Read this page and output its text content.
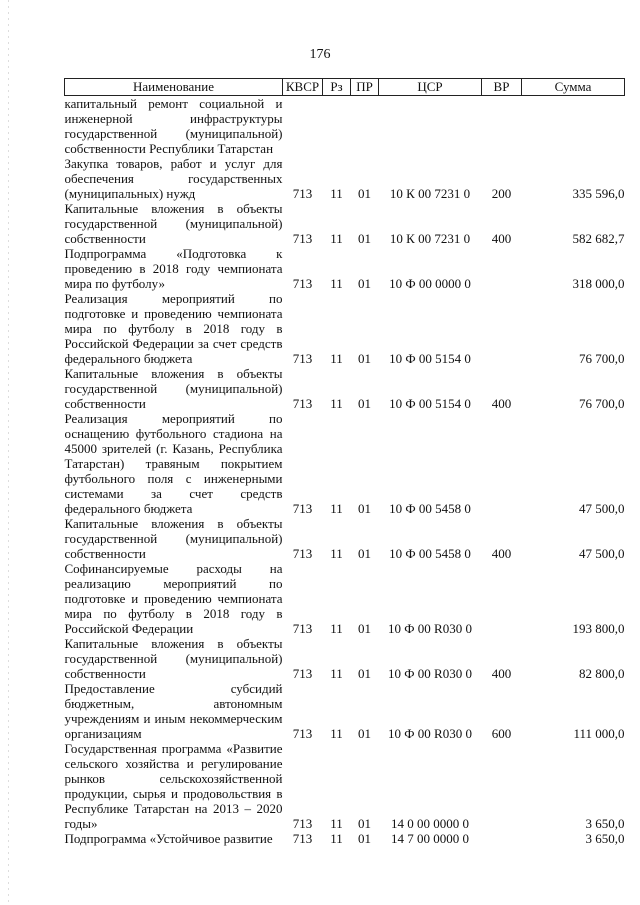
176
Наименование	КВСР	Рз	ПР	ЦСР	ВР	Сумма
капитальный ремонт социальной и инженерной инфраструктуры государственной (муниципальной) собственности Республики Татарстан						
Закупка товаров, работ и услуг для обеспечения государственных (муниципальных) нужд	713	11	01	10 К 00 7231 0	200	335 596,0
Капитальные вложения в объекты государственной (муниципальной) собственности	713	11	01	10 К 00 7231 0	400	582 682,7
Подпрограмма «Подготовка к проведению в 2018 году чемпионата мира по футболу»	713	11	01	10 Ф 00 0000 0		318 000,0
Реализация мероприятий по подготовке и проведению чемпионата мира по футболу в 2018 году в Российской Федерации за счет средств федерального бюджета	713	11	01	10 Ф 00 5154 0		76 700,0
Капитальные вложения в объекты государственной (муниципальной) собственности	713	11	01	10 Ф 00 5154 0	400	76 700,0
Реализация мероприятий по оснащению футбольного стадиона на 45000 зрителей (г. Казань, Республика Татарстан) травяным покрытием футбольного поля с инженерными системами за счет средств федерального бюджета	713	11	01	10 Ф 00 5458 0		47 500,0
Капитальные вложения в объекты государственной (муниципальной) собственности	713	11	01	10 Ф 00 5458 0	400	47 500,0
Софинансируемые расходы на реализацию мероприятий по подготовке и проведению чемпионата мира по футболу в 2018 году в Российской Федерации	713	11	01	10 Ф 00 R030 0		193 800,0
Капитальные вложения в объекты государственной (муниципальной) собственности	713	11	01	10 Ф 00 R030 0	400	82 800,0
Предоставление субсидий бюджетным, автономным учреждениям и иным некоммерческим организациям	713	11	01	10 Ф 00 R030 0	600	111 000,0
Государственная программа «Развитие сельского хозяйства и регулирование рынков сельскохозяйственной продукции, сырья и продовольствия в Республике Татарстан на 2013 – 2020 годы»	713	11	01	14 0 00 0000 0		3 650,0
Подпрограмма «Устойчивое развитие	713	11	01	14 7 00 0000 0		3 650,0
